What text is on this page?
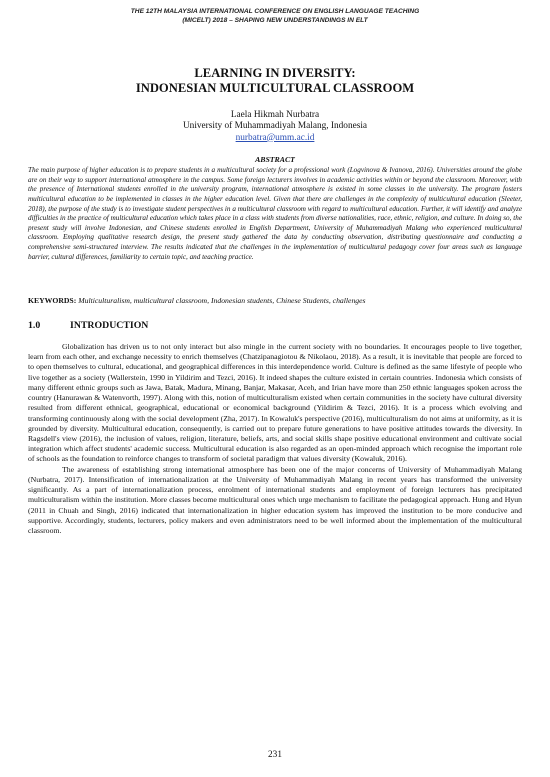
THE 12TH MALAYSIA INTERNATIONAL CONFERENCE ON ENGLISH LANGUAGE TEACHING
(MICELT) 2018 – SHAPING NEW UNDERSTANDINGS IN ELT
LEARNING IN DIVERSITY:
INDONESIAN MULTICULTURAL CLASSROOM
Laela Hikmah Nurbatra
University of Muhammadiyah Malang, Indonesia
nurbatra@umm.ac.id
ABSTRACT
The main purpose of higher education is to prepare students in a multicultural society for a professional work (Logvinova & Ivanova, 2016). Universities around the globe are on their way to support international atmosphere in the campus. Some foreign lecturers involves in academic activities within or beyond the classroom. Moreover, with the presence of International students enrolled in the university program, international atmosphere is existed in some classes in the university. The program fosters multicultural education to be implemented in classes in the higher education level. Given that there are challenges in the complexity of multicultural education (Sleeter, 2018), the purpose of the study is to investigate student perspectives in a multicultural classroom with regard to multicultural education. Further, it will identify and analyze difficulties in the practice of multicultural education which takes place in a class with students from diverse nationalities, race, ethnic, religion, and culture. In doing so, the present study will involve Indonesian, and Chinese students enrolled in English Department, University of Muhammadiyah Malang who experienced multicultural classroom. Employing qualitative research design, the present study gathered the data by conducting observation, distributing questionnaire and conducting a comprehensive semi-structured interview. The results indicated that the challenges in the implementation of multicultural pedagogy cover four areas such as language barrier, cultural differences, familiarity to certain topic, and teaching practice.
KEYWORDS: Multiculturalism, multicultural classroom, Indonesian students, Chinese Students, challenges
1.0	INTRODUCTION

Globalization has driven us to not only interact but also mingle in the current society with no boundaries. It encourages people to live together, learn from each other, and exchange necessity to enrich themselves (Chatzipanagiotou & Nikolaou, 2018). As a result, it is inevitable that people are forced to to open themselves to cultural, educational, and geographical differences in this interdependence world. Culture is defined as the same lifestyle of people who live together as a society (Wallerstein, 1990 in Yildirim and Tezci, 2016). It indeed shapes the culture existed in certain countries. Indonesia which consists of many different ethnic groups such as Jawa, Batak, Madura, Minang, Banjar, Makasar, Aceh, and Irian have more than 250 ethnic languages spoken across the country (Hanurawan & Watenvorth, 1997). Along with this, notion of multiculturalism existed when certain communities in the society have cultural diversity resulted from different ethnical, geographical, educational or economical background (Yildirim & Tezci, 2016). It is a process which evolving and transforming continuously along with the social development (Zha, 2017). In Kowaluk's perspective (2016), multiculturalism do not aims at uniformity, as it is grounded by diversity. Multicultural education, consequently, is carried out to prepare future generations to have positive attitudes towards the diversity. In Ragsdell's view (2016), the inclusion of values, religion, literature, beliefs, arts, and social skills shape positive educational environment and cultivate social integration which affect students' academic success. Multicultural education is also regarded as an open-minded approach which recognise the important role of schools as the foundation to reinforce changes to transform of societal paradigm that values diversity (Kowaluk, 2016).

The awareness of establishing strong international atmosphere has been one of the major concerns of University of Muhammadiyah Malang (Nurbatra, 2017). Intensification of internationalization at the University of Muhammadiyah Malang in recent years has transformed the university significantly. As a part of internationalization process, enrolment of international students and employment of foreign lecturers has precipitated multiculturalism within the institution. More classes become multicultural ones which urge mechanism to facilitate the pedagogical approach. Hung and Hyun (2011 in Chuah and Singh, 2016) indicated that internationalization in higher education system has improved the institution to be more conducive and supportive. Accordingly, students, lecturers, policy makers and even administrators need to be well informed about the implementation of the multicultural classroom.

231
